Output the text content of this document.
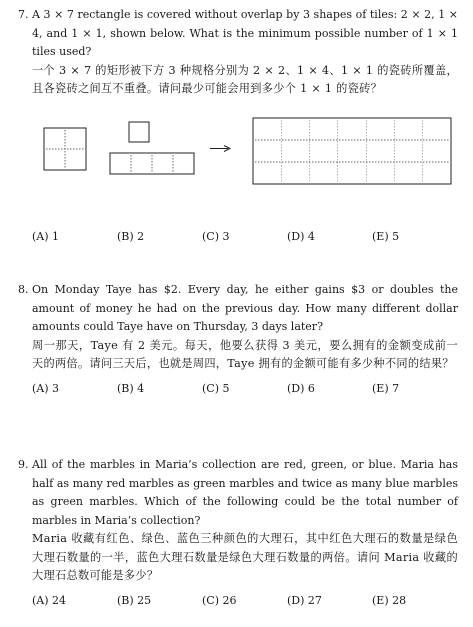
7. A 3 × 7 rectangle is covered without overlap by 3 shapes of tiles: 2 × 2, 1 × 4, and 1 × 1, shown below. What is the minimum possible number of 1 × 1 tiles used?

一个 3 × 7 的矩形被下方 3 种规格分别为 2 × 2、1 × 4、1 × 1 的瓷砖所覆盖，且各瓷砖之间互不重叠。请问最少可能会用到多少个 1 × 1 的瓷砖？

(A) 1	(B) 2	(C) 3	(D) 4	(E) 5
8. On Monday Taye has $2. Every day, he either gains $3 or doubles the amount of money he had on the previous day. How many different dollar amounts could Taye have on Thursday, 3 days later?

周一那天，Taye 有 2 美元。每天，他要么获得 3 美元，要么拥有的金额变成前一天的两倍。请问三天后，也就是周四，Taye 拥有的金额可能有多少种不同的结果？

(A) 3	(B) 4	(C) 5	(D) 6	(E) 7
9. All of the marbles in Maria’s collection are red, green, or blue. Maria has half as many red marbles as green marbles and twice as many blue marbles as green marbles. Which of the following could be the total number of marbles in Maria’s collection?

Maria 收藏有红色、绿色、蓝色三种颜色的大理石，其中红色大理石的数量是绿色大理石数量的一半，蓝色大理石数量是绿色大理石数量的两倍。请问 Maria 收藏的大理石总数可能是多少？

(A) 24	(B) 25	(C) 26	(D) 27	(E) 28
